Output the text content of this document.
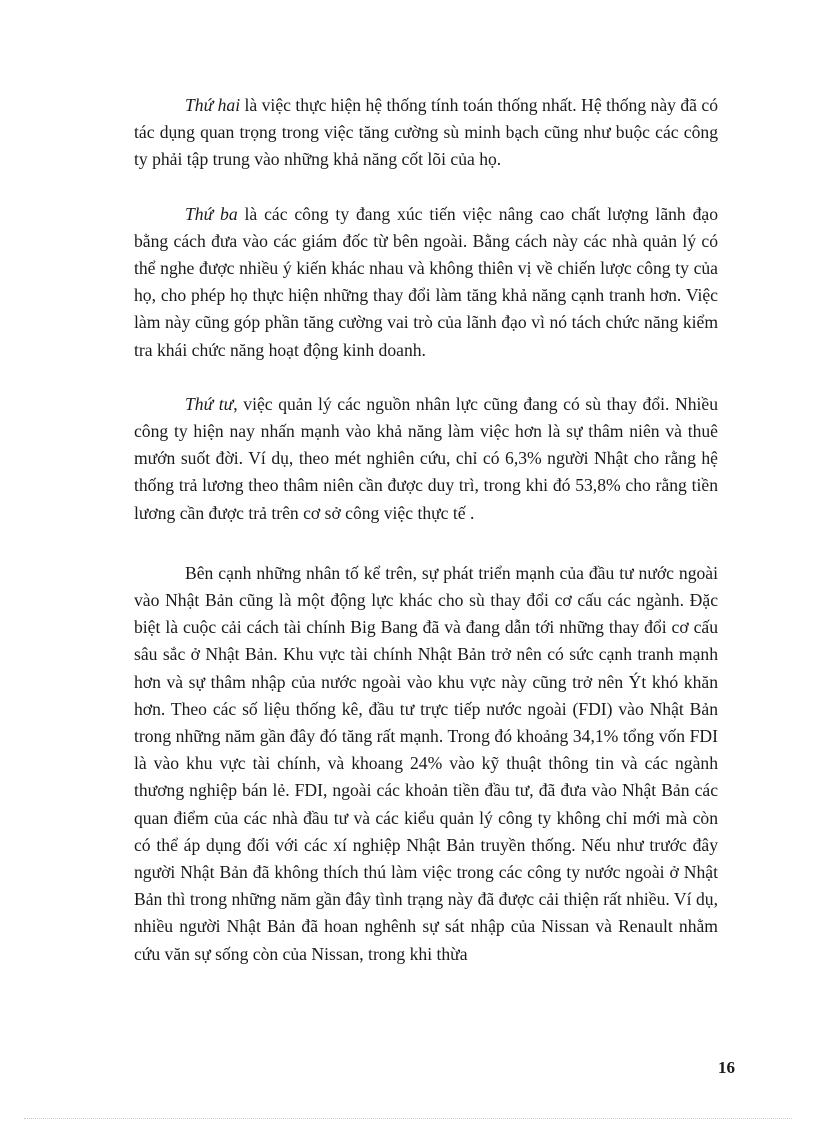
Thứ hai là việc thực hiện hệ thống tính toán thống nhất. Hệ thống này đã có tác dụng quan trọng trong việc tăng cường sù minh bạch cũng như buộc các công ty phải tập trung vào những khả năng cốt lõi của họ.

Thứ ba là các công ty đang xúc tiến việc nâng cao chất lượng lãnh đạo bằng cách đưa vào các giám đốc từ bên ngoài. Bằng cách này các nhà quản lý có thể nghe được nhiều ý kiến khác nhau và không thiên vị về chiến lược công ty của họ, cho phép họ thực hiện những thay đổi làm tăng khả năng cạnh tranh hơn. Việc làm này cũng góp phần tăng cường vai trò của lãnh đạo vì nó tách chức năng kiểm tra khái chức năng hoạt động kinh doanh.

Thứ tư, việc quản lý các nguồn nhân lực cũng đang có sù thay đổi. Nhiều công ty hiện nay nhấn mạnh vào khả năng làm việc hơn là sự thâm niên và thuê mướn suốt đời. Ví dụ, theo mét nghiên cứu, chỉ có 6,3% người Nhật cho rằng hệ thống trả lương theo thâm niên cần được duy trì, trong khi đó 53,8% cho rằng tiền lương cần được trả trên cơ sở công việc thực tế .

Bên cạnh những nhân tố kể trên, sự phát triển mạnh của đầu tư nước ngoài vào Nhật Bản cũng là một động lực khác cho sù thay đổi cơ cấu các ngành. Đặc biệt là cuộc cải cách tài chính Big Bang đã và đang dẫn tới những thay đổi cơ cấu sâu sắc ở Nhật Bản. Khu vực tài chính Nhật Bản trở nên có sức cạnh tranh mạnh hơn và sự thâm nhập của nước ngoài vào khu vực này cũng trở nên Ýt khó khăn hơn. Theo các số liệu thống kê, đầu tư trực tiếp nước ngoài (FDI) vào Nhật Bản trong những năm gần đây đó tăng rất mạnh. Trong đó khoảng 34,1% tổng vốn FDI là vào khu vực tài chính, và khoang 24% vào kỹ thuật thông tin và các ngành thương nghiệp bán lẻ. FDI, ngoài các khoản tiền đầu tư, đã đưa vào Nhật Bản các quan điểm của các nhà đầu tư và các kiểu quản lý công ty không chỉ mới mà còn có thể áp dụng đối với các xí nghiệp Nhật Bản truyền thống. Nếu như trước đây người Nhật Bản đã không thích thú làm việc trong các công ty nước ngoài ở Nhật Bản thì trong những năm gần đây tình trạng này đã được cải thiện rất nhiều. Ví dụ, nhiều người Nhật Bản đã hoan nghênh sự sát nhập của Nissan và Renault nhằm cứu văn sự sống còn của Nissan, trong khi thừa

16
